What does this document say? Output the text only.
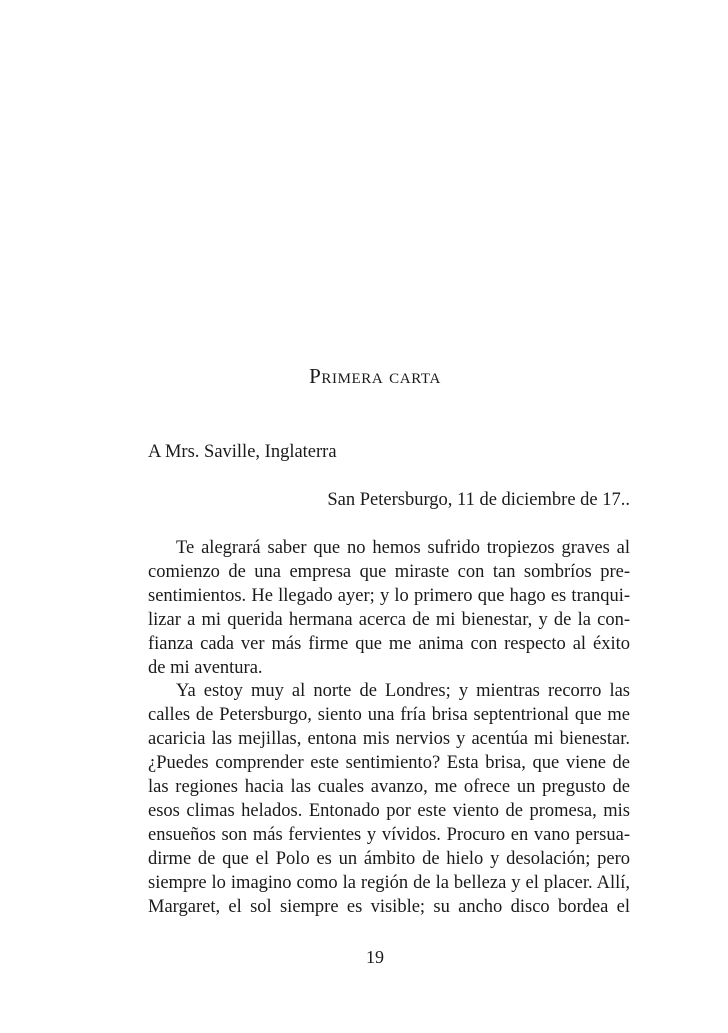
Primera carta

A Mrs. Saville, Inglaterra

San Petersburgo, 11 de diciembre de 17..

Te alegrará saber que no hemos sufrido tropiezos graves al
comienzo de una empresa que miraste con tan sombríos pre-
sentimientos. He llegado ayer; y lo primero que hago es tranqui-
lizar a mi querida hermana acerca de mi bienestar, y de la con-
fianza cada ver más firme que me anima con respecto al éxito
de mi aventura.
Ya estoy muy al norte de Londres; y mientras recorro las
calles de Petersburgo, siento una fría brisa septentrional que me
acaricia las mejillas, entona mis nervios y acentúa mi bienestar.
¿Puedes comprender este sentimiento? Esta brisa, que viene de
las regiones hacia las cuales avanzo, me ofrece un pregusto de
esos climas helados. Entonado por este viento de promesa, mis
ensueños son más fervientes y vívidos. Procuro en vano persua-
dirme de que el Polo es un ámbito de hielo y desolación; pero
siempre lo imagino como la región de la belleza y el placer. Allí,
Margaret, el sol siempre es visible; su ancho disco bordea el

19
